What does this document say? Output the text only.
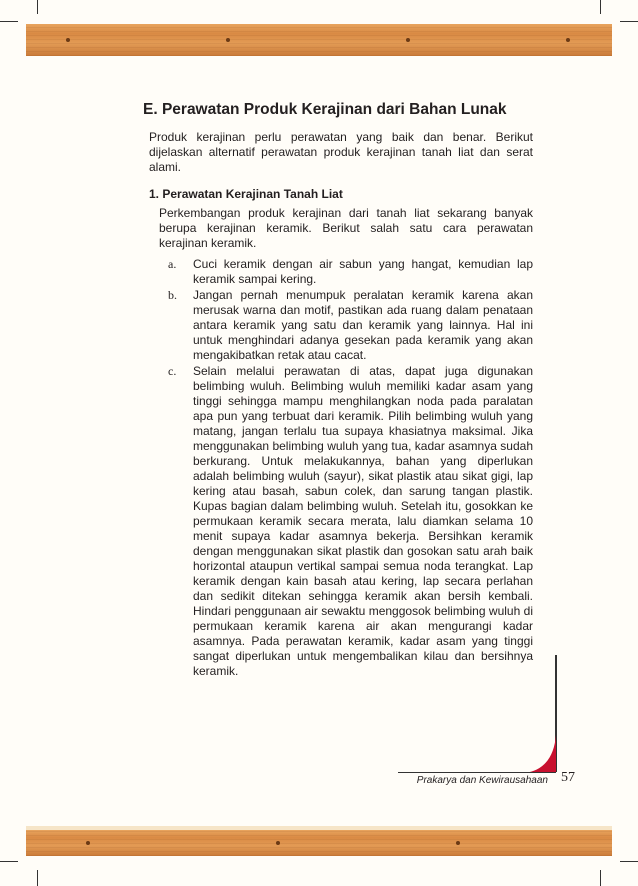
E. Perawatan Produk Kerajinan dari Bahan Lunak

Produk kerajinan perlu perawatan yang baik dan benar. Berikut dijelaskan alternatif perawatan produk kerajinan tanah liat dan serat alami.

1. Perawatan Kerajinan Tanah Liat

Perkembangan produk kerajinan dari tanah liat sekarang banyak berupa kerajinan keramik. Berikut salah satu cara perawatan kerajinan keramik.

a. Cuci keramik dengan air sabun yang hangat, kemudian lap keramik sampai kering.
b. Jangan pernah menumpuk peralatan keramik karena akan merusak warna dan motif, pastikan ada ruang dalam penataan antara keramik yang satu dan keramik yang lainnya. Hal ini untuk menghindari adanya gesekan pada keramik yang akan mengakibatkan retak atau cacat.
c. Selain melalui perawatan di atas, dapat juga digunakan belimbing wuluh. Belimbing wuluh memiliki kadar asam yang tinggi sehingga mampu menghilangkan noda pada paralatan apa pun yang terbuat dari keramik. Pilih belimbing wuluh yang matang, jangan terlalu tua supaya khasiatnya maksimal. Jika menggunakan belimbing wuluh yang tua, kadar asamnya sudah berkurang. Untuk melakukannya, bahan yang diperlukan adalah belimbing wuluh (sayur), sikat plastik atau sikat gigi, lap kering atau basah, sabun colek, dan sarung tangan plastik. Kupas bagian dalam belimbing wuluh. Setelah itu, gosokkan ke permukaan keramik secara merata, lalu diamkan selama 10 menit supaya kadar asamnya bekerja. Bersihkan keramik dengan menggunakan sikat plastik dan gosokan satu arah baik horizontal ataupun vertikal sampai semua noda terangkat. Lap keramik dengan kain basah atau kering, lap secara perlahan dan sedikit ditekan sehingga keramik akan bersih kembali. Hindari penggunaan air sewaktu menggosok belimbing wuluh di permukaan keramik karena air akan mengurangi kadar asamnya. Pada perawatan keramik, kadar asam yang tinggi sangat diperlukan untuk mengembalikan kilau dan bersihnya keramik.
Prakarya dan Kewirausahaan 57
